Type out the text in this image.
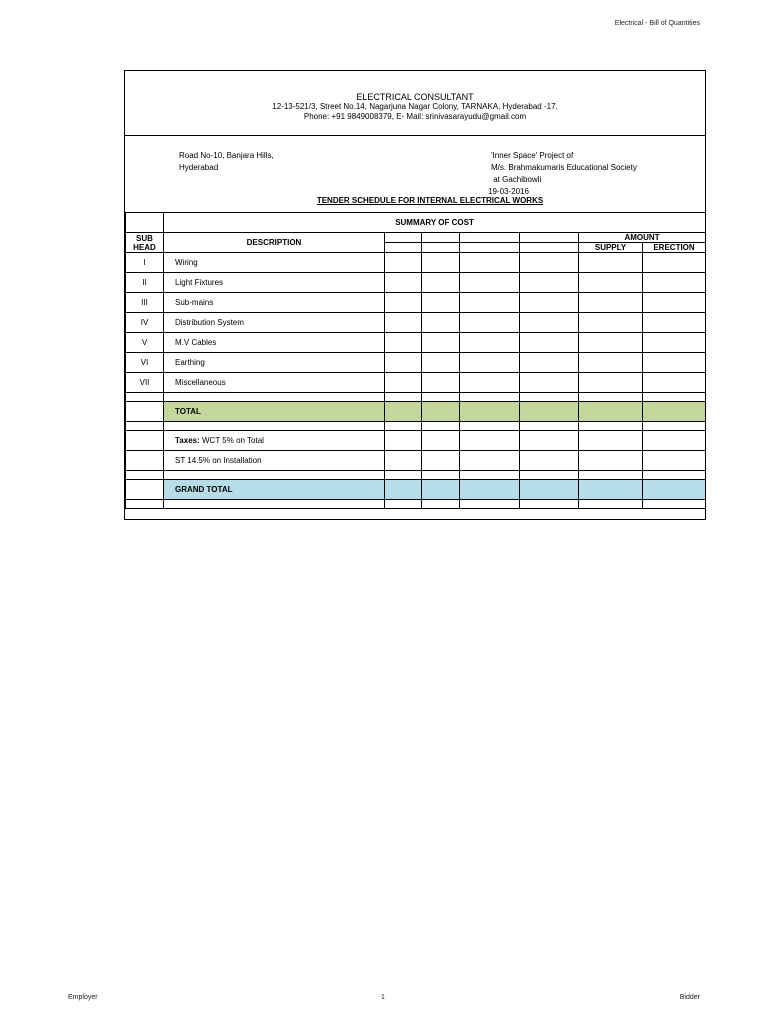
Electrical - Bill of Quantities
ELECTRICAL CONSULTANT
12-13-521/3, Street No.14, Nagarjuna Nagar Colony, TARNAKA, Hyderabad -17.
Phone: +91 9849008379, E- Mail: srinivasarayudu@gmail.com
Road No-10, Banjara Hills,
Hyderabad
'Inner Space' Project of
M/s. Brahmakumaris Educational Society
at Gachibowli
19-03-2016
TENDER SCHEDULE FOR INTERNAL ELECTRICAL WORKS
	SUMMARY OF COST						

SUB
HEAD	DESCRIPTION					AMOUNT	
						SUPPLY	ERECTION
I	Wiring						
II	Light Fixtures						
III	Sub-mains						
IV	Distribution System						
V	M.V Cables						
VI	Earthing						
VII	Miscellaneous						

	TOTAL						

	Taxes: WCT 5% on Total						
	ST 14.5% on Installation						

	GRAND TOTAL						

Employer	1	Bidder
